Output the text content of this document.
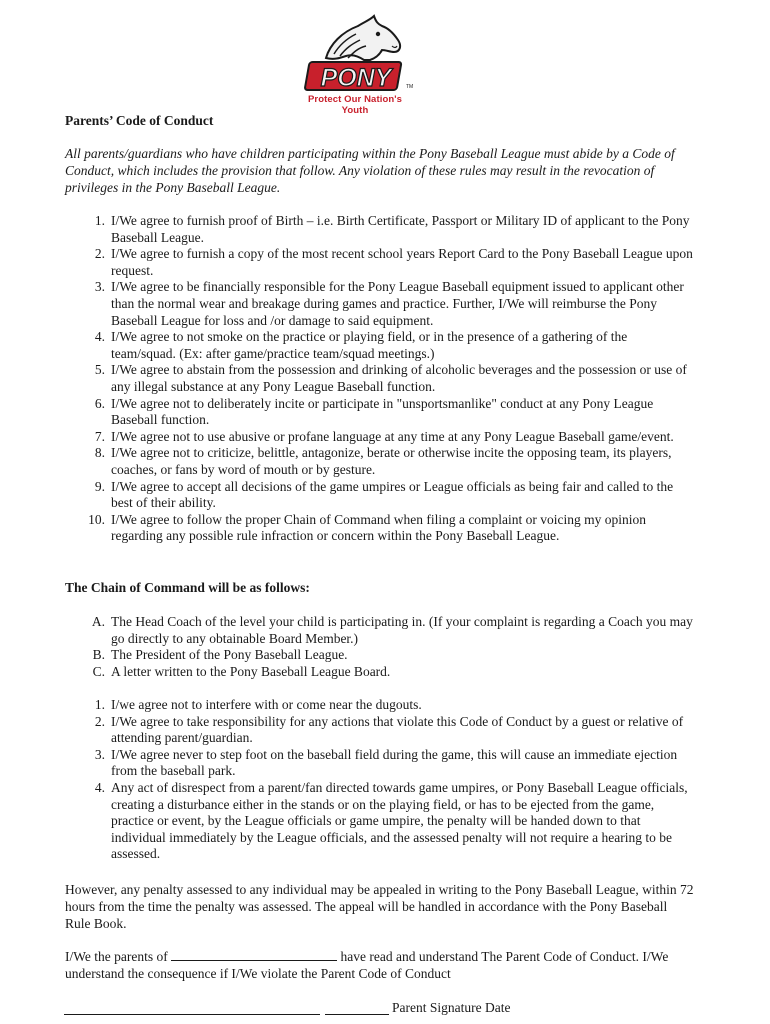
PONY	TM
Protect Our Nation's Youth
Parents’ Code of Conduct
All parents/guardians who have children participating within the Pony Baseball League must abide by a Code of Conduct, which includes the provision that follow. Any violation of these rules may result in the revocation of privileges in the Pony Baseball League.
1. I/We agree to furnish proof of Birth – i.e. Birth Certificate, Passport or Military ID of applicant to the Pony Baseball League.
2. I/We agree to furnish a copy of the most recent school years Report Card to the Pony Baseball League upon request.
3. I/We agree to be financially responsible for the Pony League Baseball equipment issued to applicant other than the normal wear and breakage during games and practice. Further, I/We will reimburse the Pony Baseball League for loss and /or damage to said equipment.
4. I/We agree to not smoke on the practice or playing field, or in the presence of a gathering of the team/squad. (Ex: after game/practice team/squad meetings.)
5. I/We agree to abstain from the possession and drinking of alcoholic beverages and the possession or use of any illegal substance at any Pony League Baseball function.
6. I/We agree not to deliberately incite or participate in "unsportsmanlike" conduct at any Pony League Baseball function.
7. I/We agree not to use abusive or profane language at any time at any Pony League Baseball game/event.
8. I/We agree not to criticize, belittle, antagonize, berate or otherwise incite the opposing team, its players, coaches, or fans by word of mouth or by gesture.
9. I/We agree to accept all decisions of the game umpires or League officials as being fair and called to the best of their ability.
10. I/We agree to follow the proper Chain of Command when filing a complaint or voicing my opinion regarding any possible rule infraction or concern within the Pony Baseball League.
The Chain of Command will be as follows:
A. The Head Coach of the level your child is participating in. (If your complaint is regarding a Coach you may go directly to any obtainable Board Member.)
B. The President of the Pony Baseball League.
C. A letter written to the Pony Baseball League Board.
1. I/we agree not to interfere with or come near the dugouts.
2. I/We agree to take responsibility for any actions that violate this Code of Conduct by a guest or relative of attending parent/guardian.
3. I/We agree never to step foot on the baseball field during the game, this will cause an immediate ejection from the baseball park.
4. Any act of disrespect from a parent/fan directed towards game umpires, or Pony Baseball League officials, creating a disturbance either in the stands or on the playing field, or has to be ejected from the game, practice or event, by the League officials or game umpire, the penalty will be handed down to that individual immediately by the League officials, and the assessed penalty will not require a hearing to be assessed.
However, any penalty assessed to any individual may be appealed in writing to the Pony Baseball League, within 72 hours from the time the penalty was assessed. The appeal will be handled in accordance with the Pony Baseball Rule Book.
I/We the parents of	have read and understand The Parent Code of Conduct. I/We understand the consequence if I/We violate the Parent Code of Conduct
Parent Signature Date
